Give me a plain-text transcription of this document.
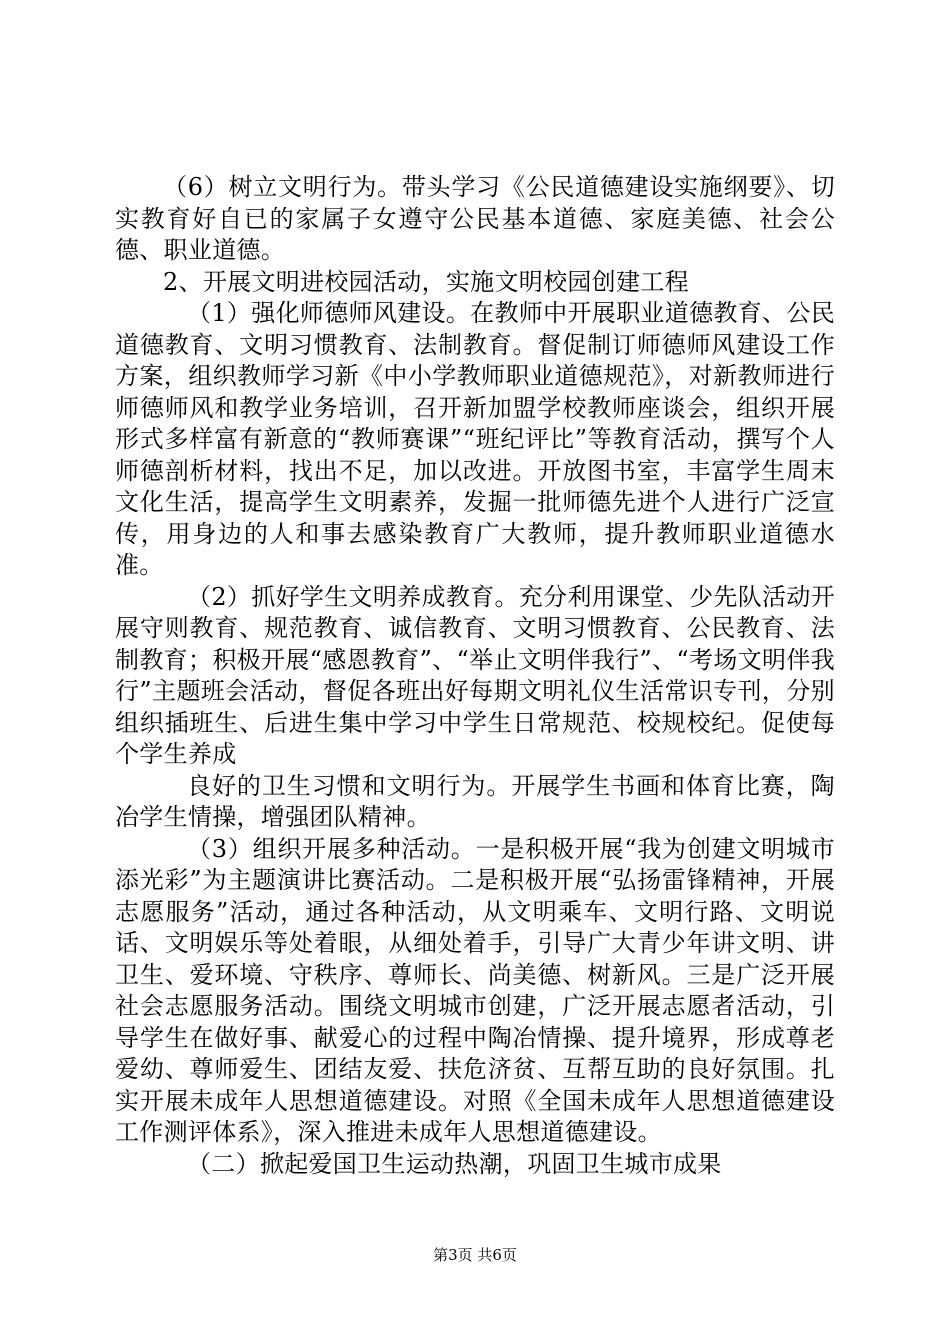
（6）树立文明行为。带头学习《公民道德建设实施纲要》、切实教育好自已的家属子女遵守公民基本道德、家庭美德、社会公德、职业道德。

2、开展文明进校园活动，实施文明校园创建工程

（1）强化师德师风建设。在教师中开展职业道德教育、公民道德教育、文明习惯教育、法制教育。督促制订师德师风建设工作方案，组织教师学习新《中小学教师职业道德规范》，对新教师进行师德师风和教学业务培训，召开新加盟学校教师座谈会，组织开展形式多样富有新意的“教师赛课”“班纪评比”等教育活动，撰写个人师德剖析材料，找出不足，加以改进。开放图书室，丰富学生周末文化生活，提高学生文明素养，发掘一批师德先进个人进行广泛宣传，用身边的人和事去感染教育广大教师，提升教师职业道德水准。

（2）抓好学生文明养成教育。充分利用课堂、少先队活动开展守则教育、规范教育、诚信教育、文明习惯教育、公民教育、法制教育；积极开展“感恩教育”、“举止文明伴我行”、“考场文明伴我行”主题班会活动，督促各班出好每期文明礼仪生活常识专刊，分别组织插班生、后进生集中学习中学生日常规范、校规校纪。促使每个学生养成

良好的卫生习惯和文明行为。开展学生书画和体育比赛，陶冶学生情操，增强团队精神。

（3）组织开展多种活动。一是积极开展“我为创建文明城市添光彩”为主题演讲比赛活动。二是积极开展“弘扬雷锋精神，开展志愿服务”活动，通过各种活动，从文明乘车、文明行路、文明说话、文明娱乐等处着眼，从细处着手，引导广大青少年讲文明、讲卫生、爱环境、守秩序、尊师长、尚美德、树新风。三是广泛开展社会志愿服务活动。围绕文明城市创建，广泛开展志愿者活动，引导学生在做好事、献爱心的过程中陶冶情操、提升境界，形成尊老爱幼、尊师爱生、团结友爱、扶危济贫、互帮互助的良好氛围。扎实开展未成年人思想道德建设。对照《全国未成年人思想道德建设工作测评体系》，深入推进未成年人思想道德建设。

（二）掀起爱国卫生运动热潮，巩固卫生城市成果

第3页 共6页
